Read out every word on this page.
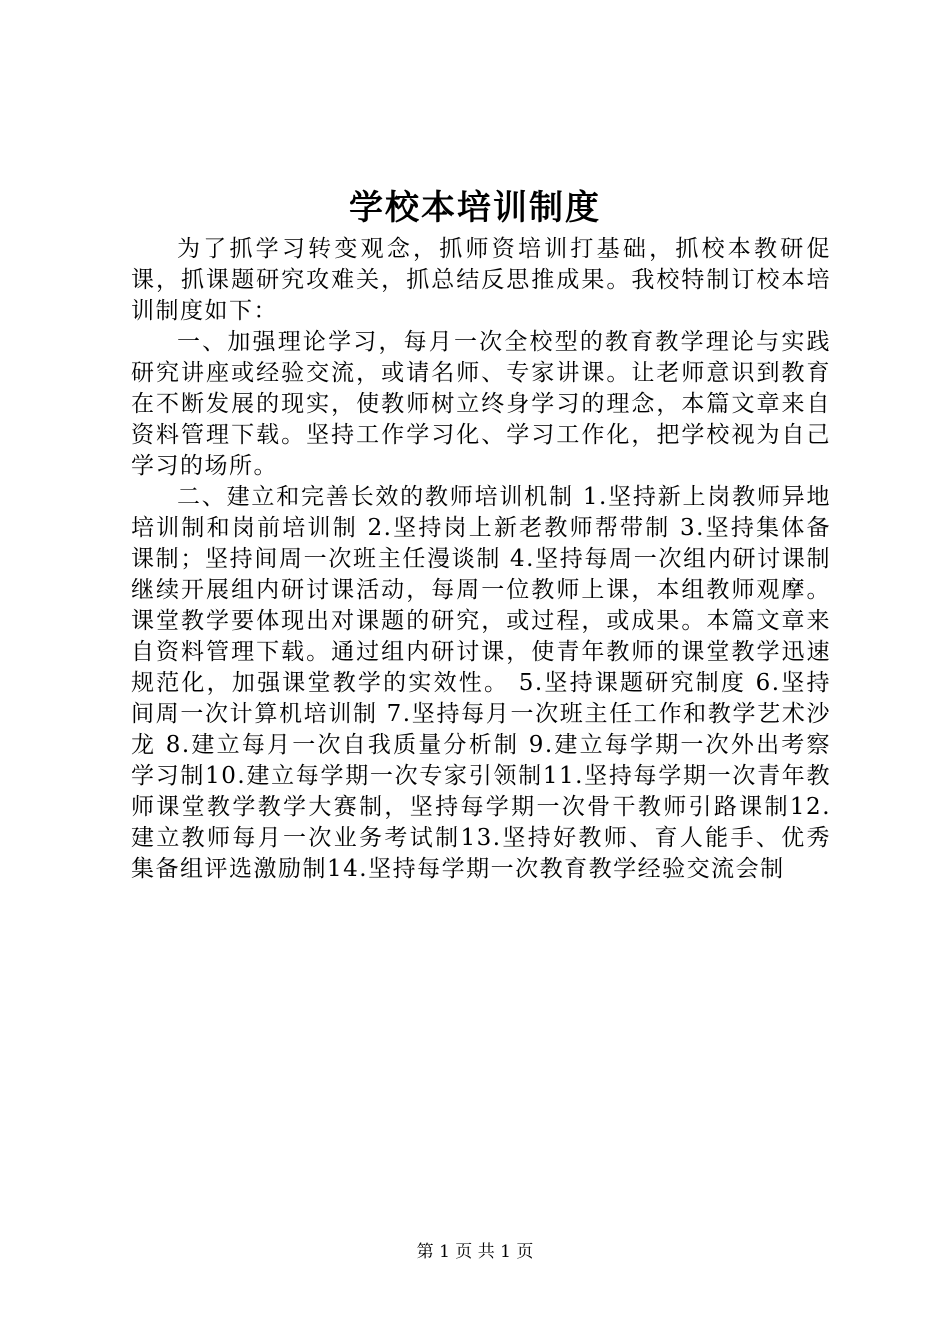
学校本培训制度

为了抓学习转变观念，抓师资培训打基础，抓校本教研促课，抓课题研究攻难关，抓总结反思推成果。我校特制订校本培训制度如下：

一、加强理论学习，每月一次全校型的教育教学理论与实践研究讲座或经验交流，或请名师、专家讲课。让老师意识到教育在不断发展的现实，使教师树立终身学习的理念，本篇文章来自资料管理下载。坚持工作学习化、学习工作化，把学校视为自己学习的场所。

二、建立和完善长效的教师培训机制 1.坚持新上岗教师异地培训制和岗前培训制 2.坚持岗上新老教师帮带制 3.坚持集体备课制；坚持间周一次班主任漫谈制 4.坚持每周一次组内研讨课制继续开展组内研讨课活动，每周一位教师上课，本组教师观摩。课堂教学要体现出对课题的研究，或过程，或成果。本篇文章来自资料管理下载。通过组内研讨课，使青年教师的课堂教学迅速规范化，加强课堂教学的实效性。 5.坚持课题研究制度 6.坚持间周一次计算机培训制 7.坚持每月一次班主任工作和教学艺术沙龙 8.建立每月一次自我质量分析制 9.建立每学期一次外出考察学习制10.建立每学期一次专家引领制11.坚持每学期一次青年教师课堂教学教学大赛制，坚持每学期一次骨干教师引路课制12.建立教师每月一次业务考试制13.坚持好教师、育人能手、优秀集备组评选激励制14.坚持每学期一次教育教学经验交流会制

第 1 页 共 1 页
